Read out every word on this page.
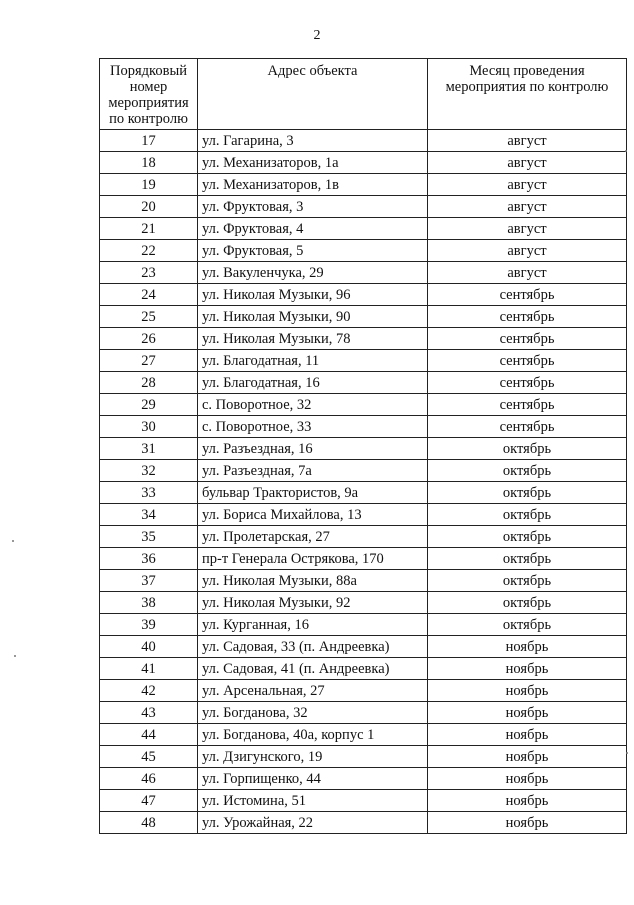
2
Порядковый номер мероприятия по контролю	Адрес объекта	Месяц проведения мероприятия по контролю
17	ул. Гагарина, 3	август
18	ул. Механизаторов, 1а	август
19	ул. Механизаторов, 1в	август
20	ул. Фруктовая, 3	август
21	ул. Фруктовая, 4	август
22	ул. Фруктовая, 5	август
23	ул. Вакуленчука, 29	август
24	ул. Николая Музыки, 96	сентябрь
25	ул. Николая Музыки, 90	сентябрь
26	ул. Николая Музыки, 78	сентябрь
27	ул. Благодатная, 11	сентябрь
28	ул. Благодатная, 16	сентябрь
29	с. Поворотное, 32	сентябрь
30	с. Поворотное, 33	сентябрь
31	ул. Разъездная, 16	октябрь
32	ул. Разъездная, 7а	октябрь
33	бульвар Трактористов, 9а	октябрь
34	ул. Бориса Михайлова, 13	октябрь
35	ул. Пролетарская, 27	октябрь
36	пр-т Генерала Острякова, 170	октябрь
37	ул. Николая Музыки, 88а	октябрь
38	ул. Николая Музыки, 92	октябрь
39	ул. Курганная, 16	октябрь
40	ул. Садовая, 33 (п. Андреевка)	ноябрь
41	ул. Садовая, 41 (п. Андреевка)	ноябрь
42	ул. Арсенальная, 27	ноябрь
43	ул. Богданова, 32	ноябрь
44	ул. Богданова, 40а, корпус 1	ноябрь
45	ул. Дзигунского, 19	ноябрь
46	ул. Горпищенко, 44	ноябрь
47	ул. Истомина, 51	ноябрь
48	ул. Урожайная, 22	ноябрь
